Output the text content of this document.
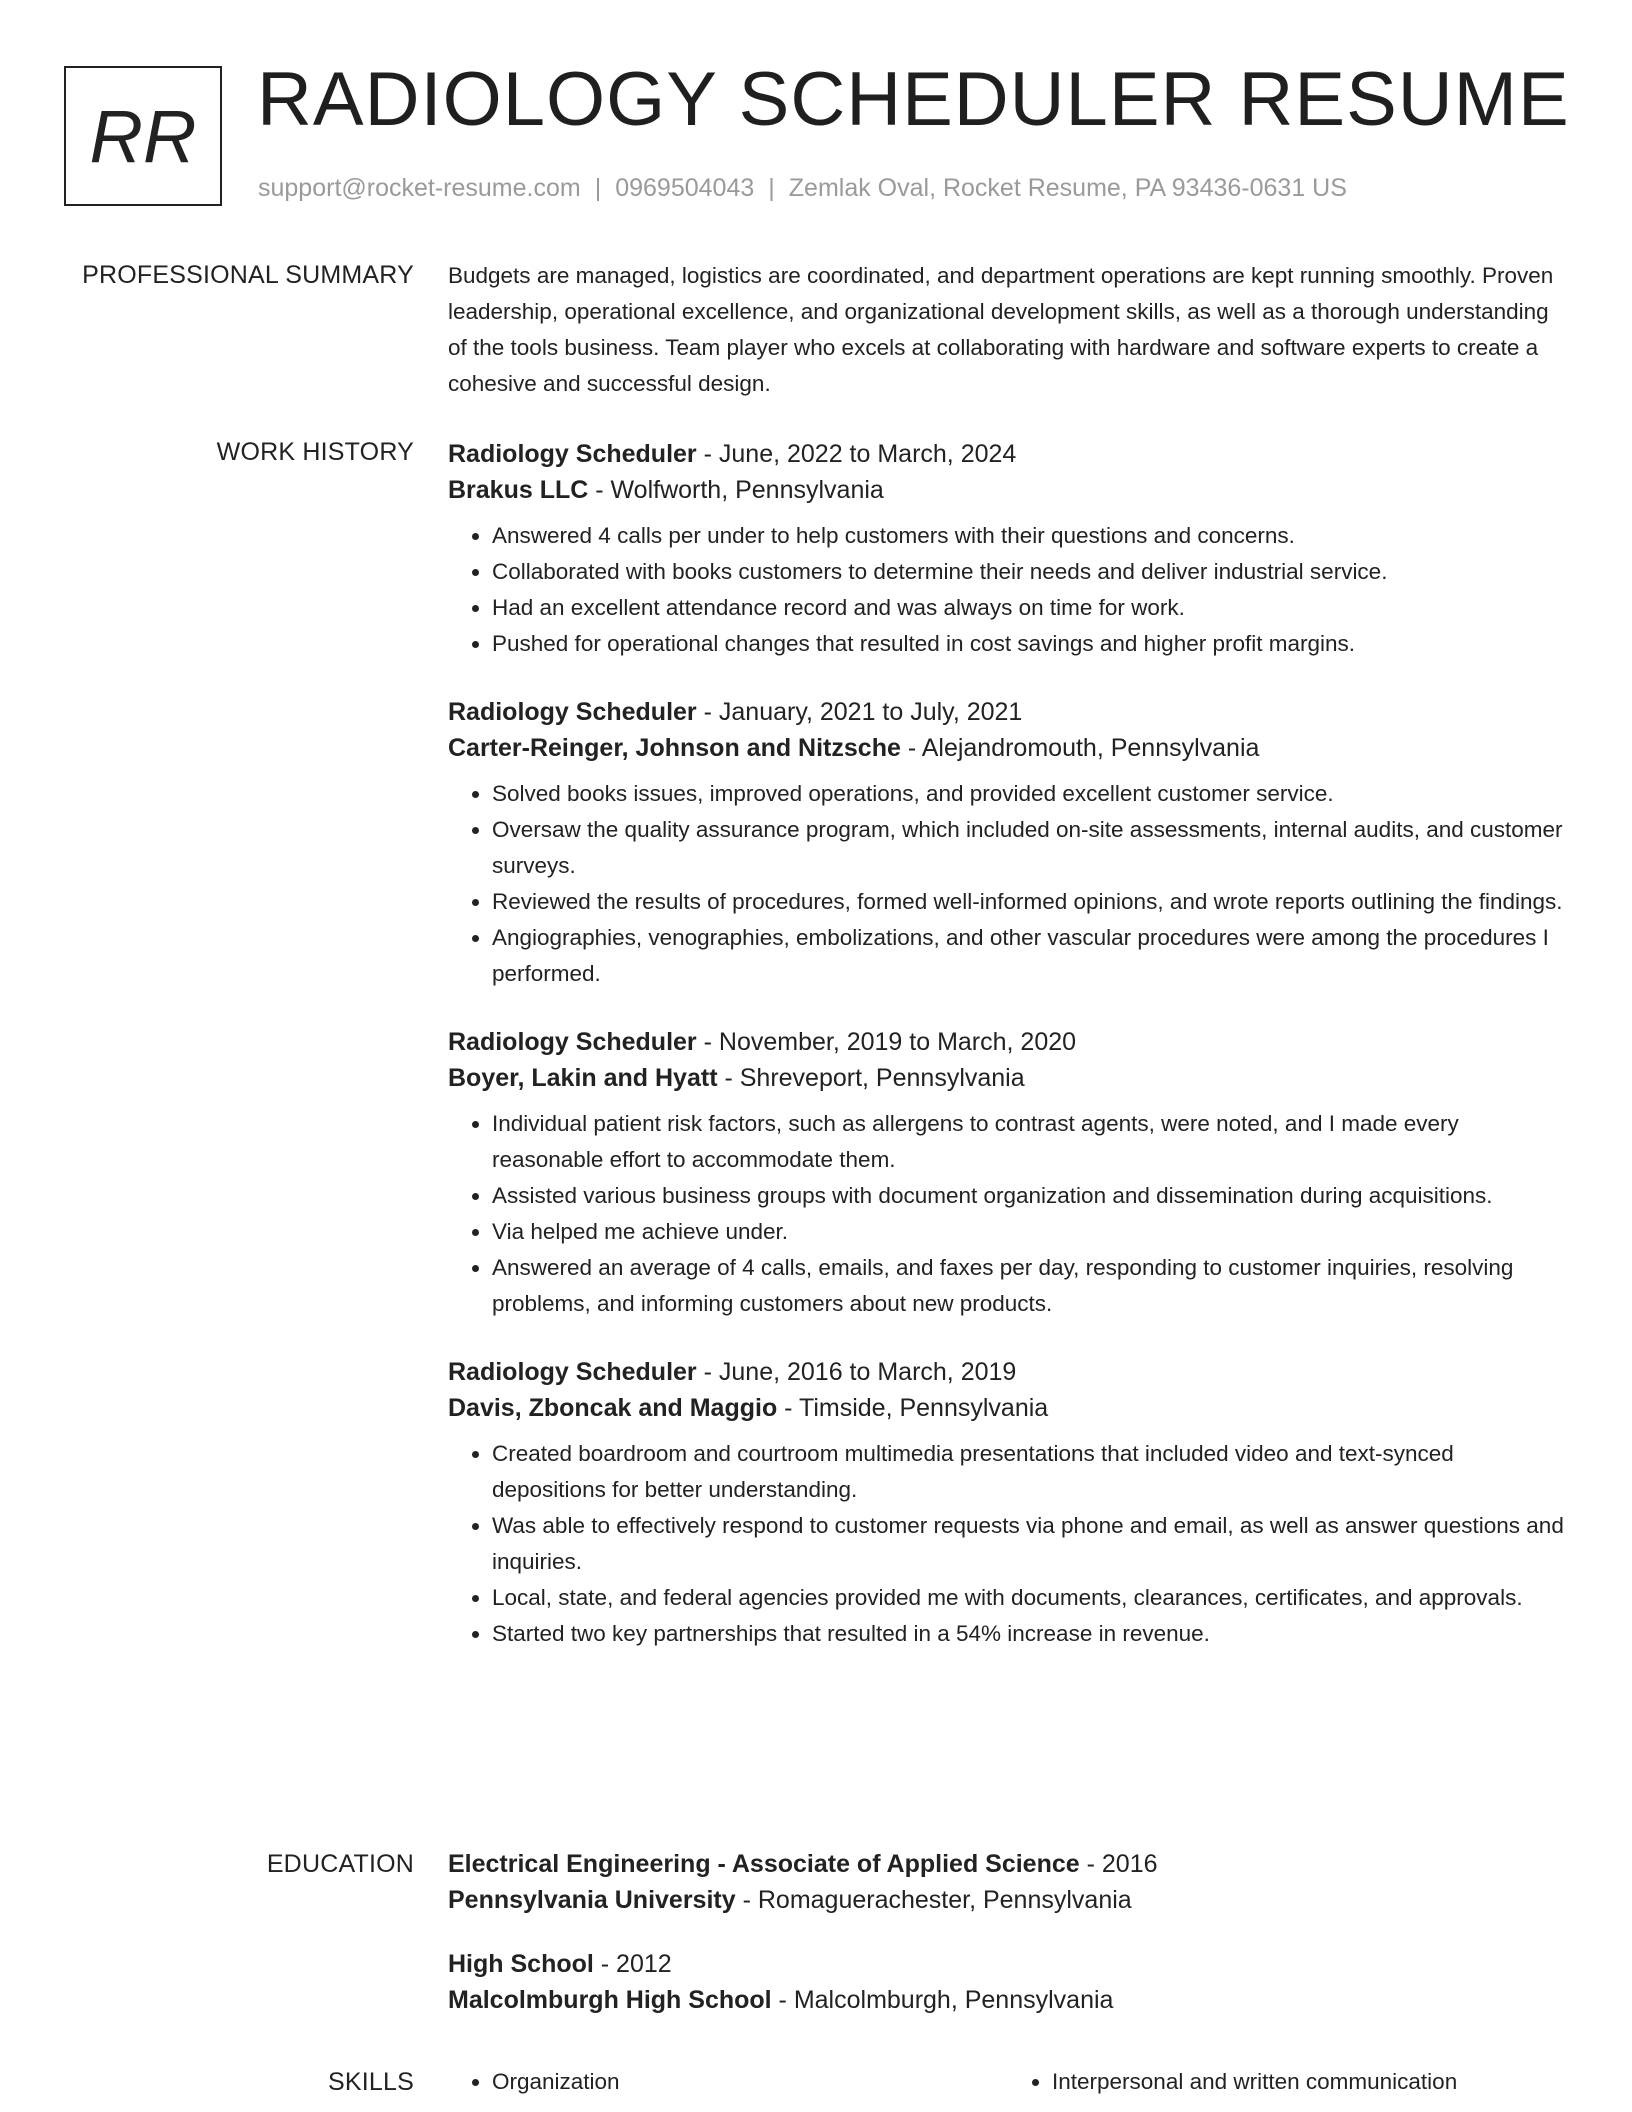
RR RADIOLOGY SCHEDULER RESUME
support@rocket-resume.com | 0969504043 | Zemlak Oval, Rocket Resume, PA 93436-0631 US
PROFESSIONAL SUMMARY Budgets are managed, logistics are coordinated, and department operations are kept running smoothly. Proven leadership, operational excellence, and organizational development skills, as well as a thorough understanding of the tools business. Team player who excels at collaborating with hardware and software experts to create a cohesive and successful design.

WORK HISTORY Radiology Scheduler - June, 2022 to March, 2024

Brakus LLC - Wolfworth, Pennsylvania

• Answered 4 calls per under to help customers with their questions and concerns.
• Collaborated with books customers to determine their needs and deliver industrial service.
• Had an excellent attendance record and was always on time for work.
• Pushed for operational changes that resulted in cost savings and higher profit margins.

Radiology Scheduler - January, 2021 to July, 2021

Carter-Reinger, Johnson and Nitzsche - Alejandromouth, Pennsylvania

• Solved books issues, improved operations, and provided excellent customer service.
• Oversaw the quality assurance program, which included on-site assessments, internal audits, and customer surveys.
• Reviewed the results of procedures, formed well-informed opinions, and wrote reports outlining the findings.
• Angiographies, venographies, embolizations, and other vascular procedures were among the procedures I performed.

Radiology Scheduler - November, 2019 to March, 2020

Boyer, Lakin and Hyatt - Shreveport, Pennsylvania

• Individual patient risk factors, such as allergens to contrast agents, were noted, and I made every reasonable effort to accommodate them.
• Assisted various business groups with document organization and dissemination during acquisitions.
• Via helped me achieve under.
• Answered an average of 4 calls, emails, and faxes per day, responding to customer inquiries, resolving problems, and informing customers about new products.

Radiology Scheduler - June, 2016 to March, 2019

Davis, Zboncak and Maggio - Timside, Pennsylvania

• Created boardroom and courtroom multimedia presentations that included video and text-synced depositions for better understanding.
• Was able to effectively respond to customer requests via phone and email, as well as answer questions and inquiries.
• Local, state, and federal agencies provided me with documents, clearances, certificates, and approvals.
• Started two key partnerships that resulted in a 54% increase in revenue.
EDUCATION Electrical Engineering - Associate of Applied Science - 2016

Pennsylvania University - Romaguerachester, Pennsylvania

High School - 2012

Malcolmburgh High School - Malcolmburgh, Pennsylvania

SKILLS	• Organization	• Interpersonal and written communication
